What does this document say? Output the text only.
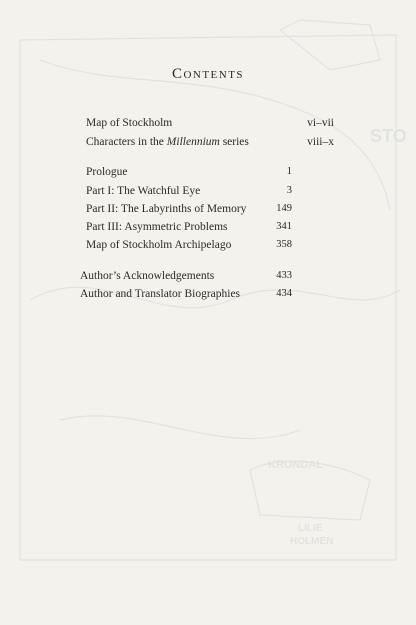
STO
KRONDAL
LILIE
HOLMEN
Contents
Map of Stockholm	vi–vii
Characters in the Millennium series	viii–x
Prologue	1
Part I: The Watchful Eye	3
Part II: The Labyrinths of Memory	149
Part III: Asymmetric Problems	341
Map of Stockholm Archipelago	358
Author’s Acknowledgements	433
Author and Translator Biographies	434
